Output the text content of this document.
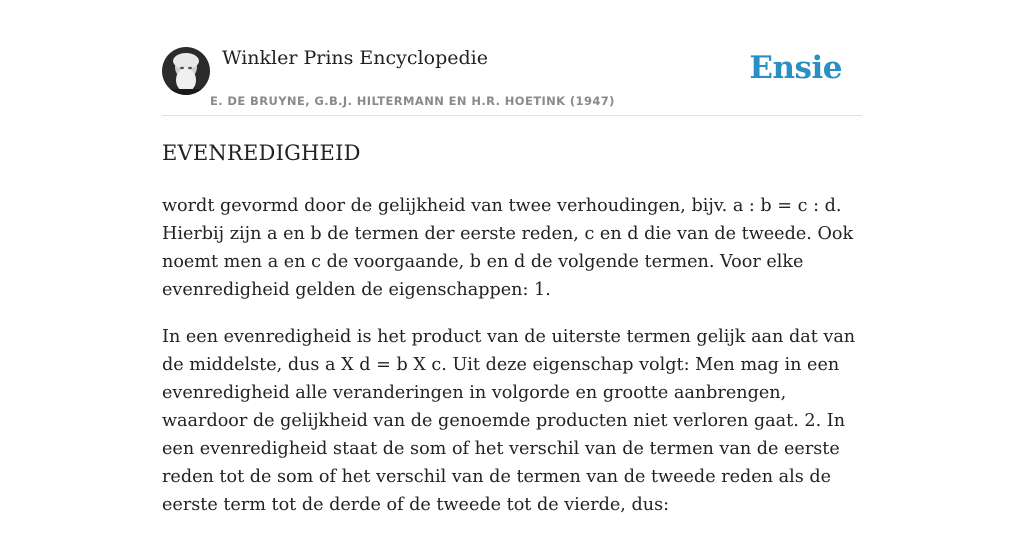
Winkler Prins Encyclopedie
E. DE BRUYNE, G.B.J. HILTERMANN EN H.R. HOETINK (1947)
Ensie
EVENREDIGHEID

wordt gevormd door de gelijkheid van twee verhoudingen, bijv. a : b = c : d. Hierbij zijn a en b de termen der eerste reden, c en d die van de tweede. Ook noemt men a en c de voorgaande, b en d de volgende termen. Voor elke evenredigheid gelden de eigenschappen: 1.

In een evenredigheid is het product van de uiterste termen gelijk aan dat van de middelste, dus a X d = b X c. Uit deze eigenschap volgt: Men mag in een evenredigheid alle veranderingen in volgorde en grootte aanbrengen, waardoor de gelijkheid van de genoemde producten niet verloren gaat. 2. In een evenredigheid staat de som of het verschil van de termen van de eerste reden tot de som of het verschil van de termen van de tweede reden als de eerste term tot de derde of de tweede tot de vierde, dus:
